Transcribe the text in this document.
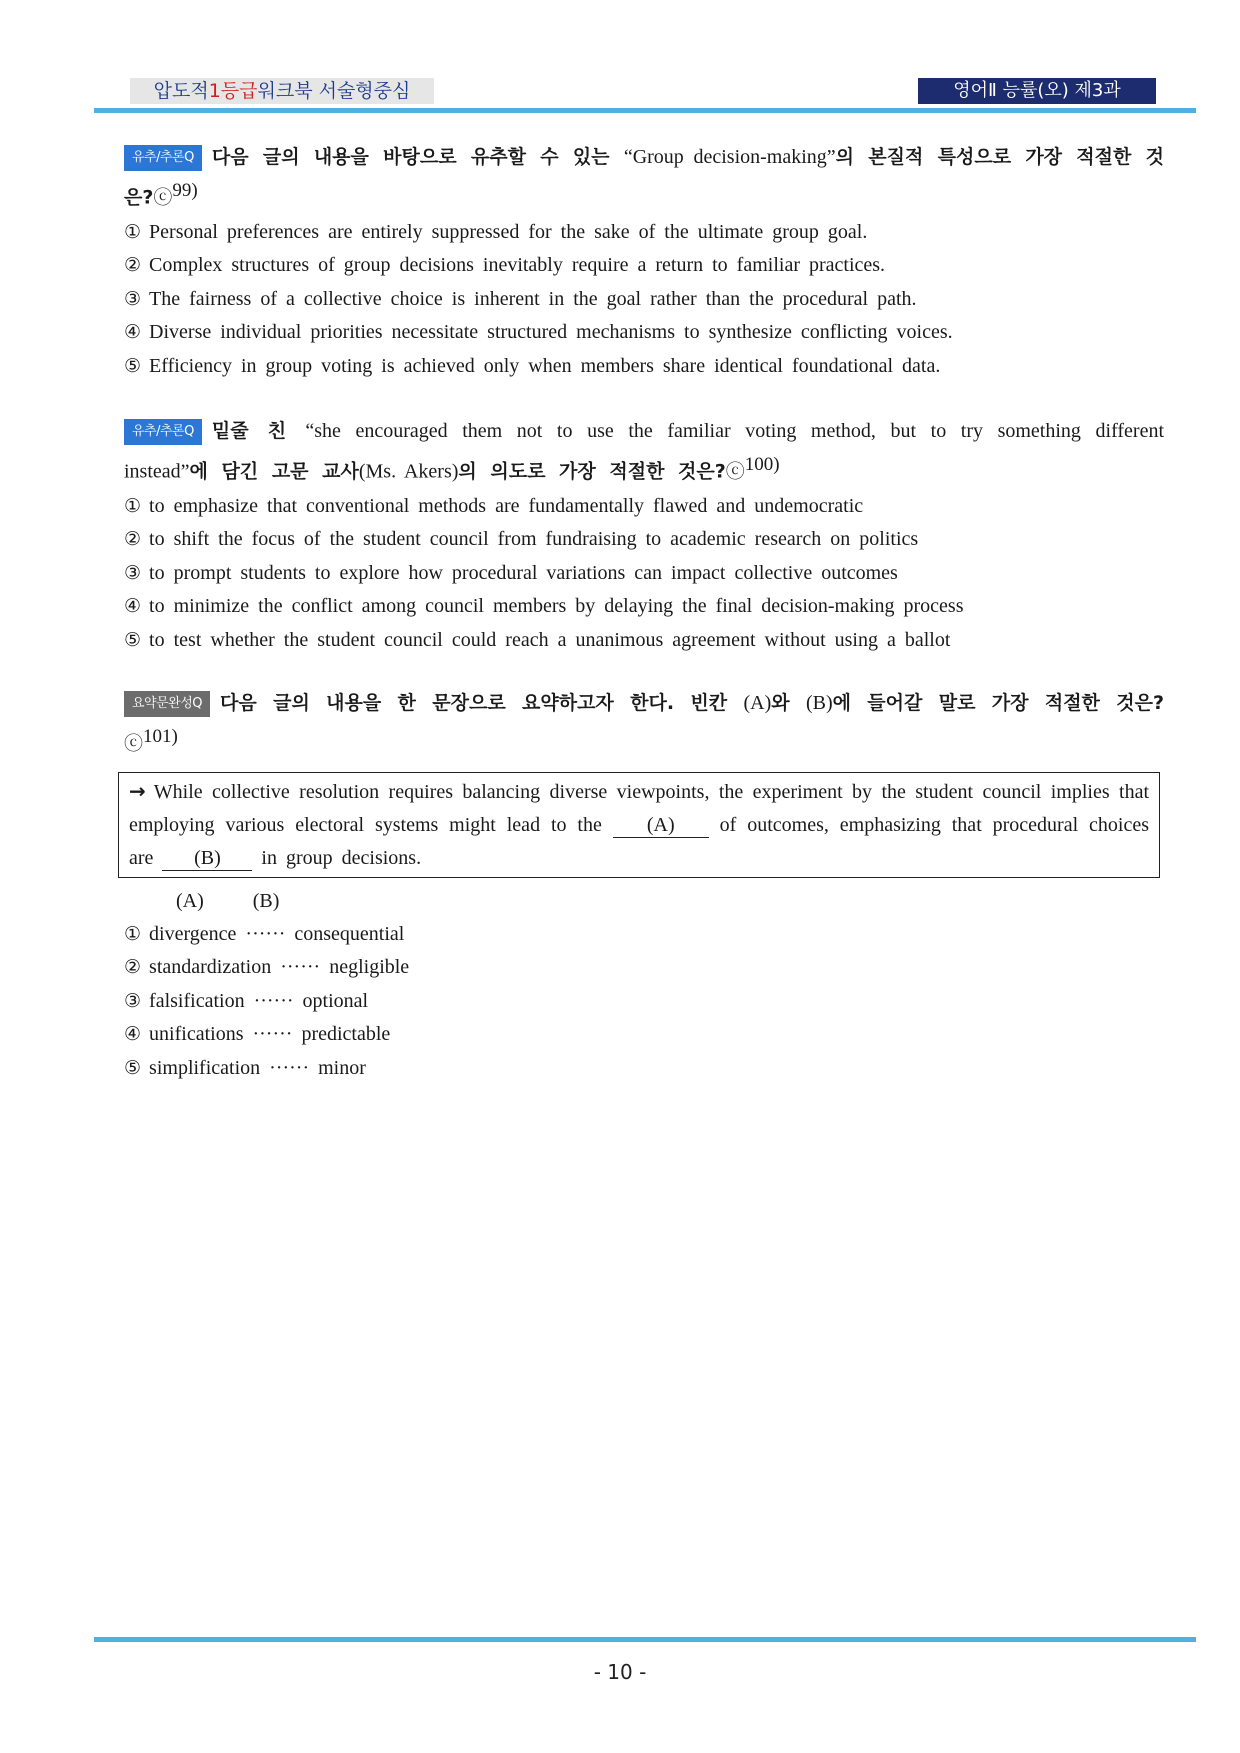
압도적1등급워크북 서술형중심	영어Ⅱ 능률(오) 제3과
유추/추론Q 다음 글의 내용을 바탕으로 유추할 수 있는 “Group decision-making”의 본질적 특성으로 가장 적절한 것은?ⓒ$^{99)}$
① Personal preferences are entirely suppressed for the sake of the ultimate group goal.
② Complex structures of group decisions inevitably require a return to familiar practices.
③ The fairness of a collective choice is inherent in the goal rather than the procedural path.
④ Diverse individual priorities necessitate structured mechanisms to synthesize conflicting voices.
⑤ Efficiency in group voting is achieved only when members share identical foundational data.
유추/추론Q 밑줄 친 “she encouraged them not to use the familiar voting method, but to try something different instead”에 담긴 고문 교사(Ms. Akers)의 의도로 가장 적절한 것은?ⓒ$^{100)}$
① to emphasize that conventional methods are fundamentally flawed and undemocratic
② to shift the focus of the student council from fundraising to academic research on politics
③ to prompt students to explore how procedural variations can impact collective outcomes
④ to minimize the conflict among council members by delaying the final decision-making process
⑤ to test whether the student council could reach a unanimous agreement without using a ballot
요약문완성Q 다음 글의 내용을 한 문장으로 요약하고자 한다. 빈칸 (A)와 (B)에 들어갈 말로 가장 적절한 것은?ⓒ$^{101)}$
→ While collective resolution requires balancing diverse viewpoints, the experiment by the student council implies that employing various electoral systems might lead to the (A) of outcomes, emphasizing that procedural choices are (B) in group decisions.
(A) (B)
① divergence ······ consequential
② standardization ······ negligible
③ falsification ······ optional
④ unifications ······ predictable
⑤ simplification ······ minor
- 10 -
